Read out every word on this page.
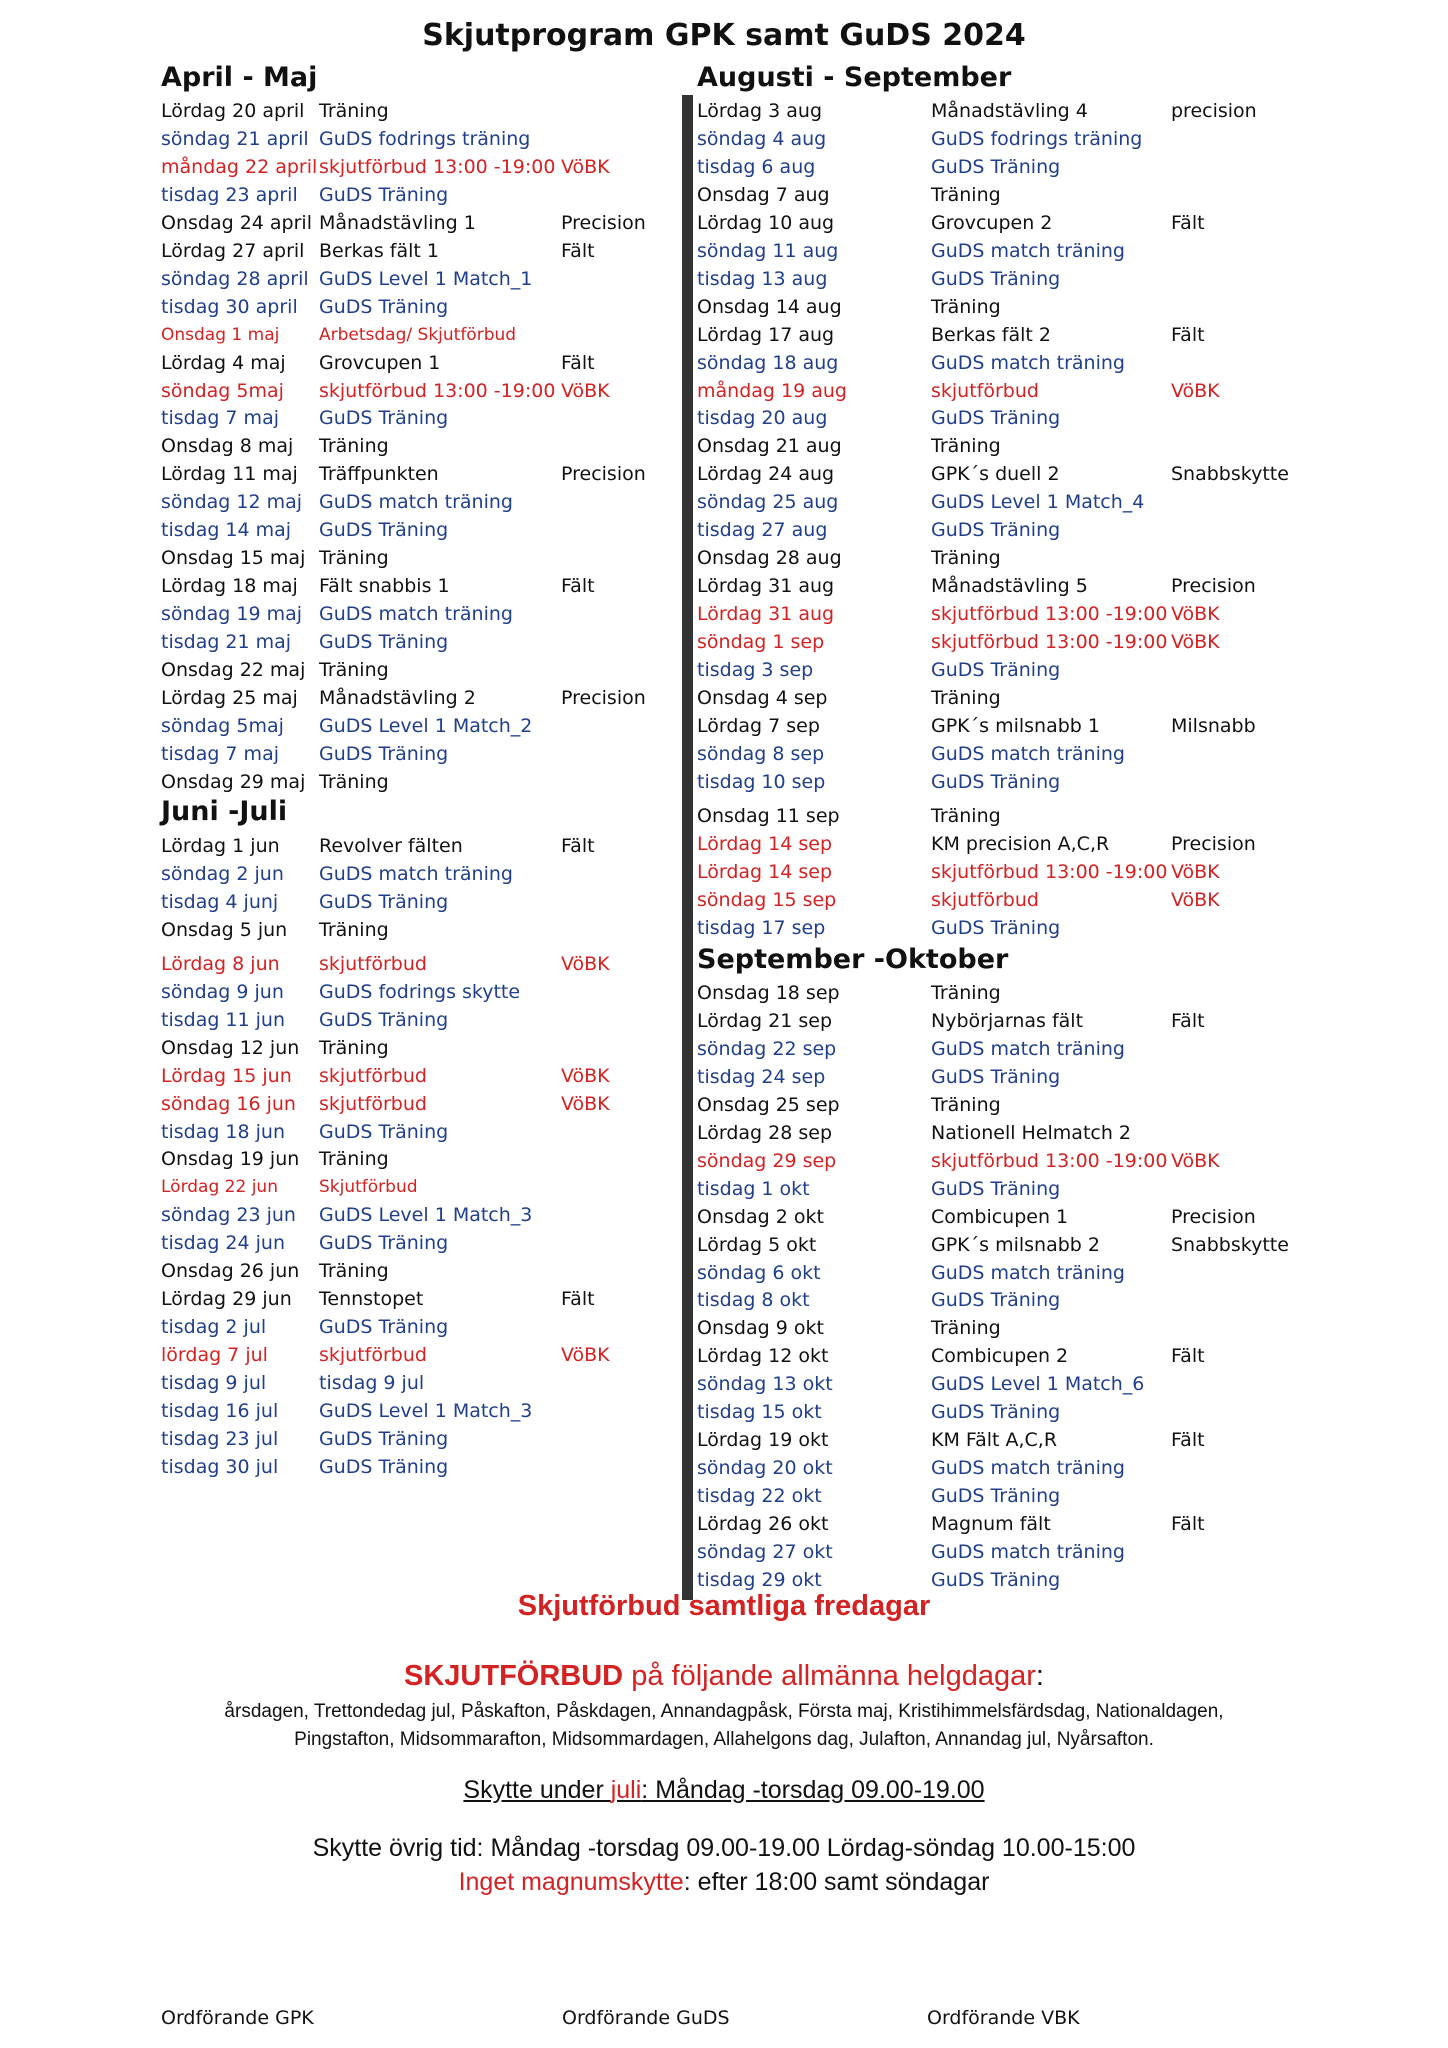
Skjutprogram GPK samt GuDS 2024
April - Maj
Lördag 20 april Träning
söndag 21 april GuDS fodrings träning
måndag 22 april skjutförbud 13:00 -19:00 VöBK
tisdag 23 april GuDS Träning
Onsdag 24 april Månadstävling 1	Precision
Lördag 27 april Berkas fält 1	Fält
söndag 28 april GuDS Level 1 Match_1
tisdag 30 april GuDS Träning
Onsdag 1 maj Arbetsdag/ Skjutförbud
Lördag 4 maj Grovcupen 1	Fält
söndag 5maj skjutförbud 13:00 -19:00 VöBK
tisdag 7 maj GuDS Träning
Onsdag 8 maj Träning
Lördag 11 maj Träffpunkten	Precision
söndag 12 maj GuDS match träning
tisdag 14 maj GuDS Träning
Onsdag 15 maj Träning
Lördag 18 maj Fält snabbis 1	Fält
söndag 19 maj GuDS match träning
tisdag 21 maj GuDS Träning
Onsdag 22 maj Träning
Lördag 25 maj Månadstävling 2	Precision
söndag 5maj GuDS Level 1 Match_2
tisdag 7 maj GuDS Träning
Onsdag 29 maj Träning
Juni -Juli
Lördag 1 jun Revolver fälten	Fält
söndag 2 jun GuDS match träning
tisdag 4 junj GuDS Träning
Onsdag 5 jun Träning
Lördag 8 jun skjutförbud	VöBK
söndag 9 jun GuDS fodrings skytte
tisdag 11 jun GuDS Träning
Onsdag 12 jun Träning
Lördag 15 jun skjutförbud	VöBK
söndag 16 jun skjutförbud	VöBK
tisdag 18 jun GuDS Träning
Onsdag 19 jun Träning
Lördag 22 jun Skjutförbud
söndag 23 jun GuDS Level 1 Match_3
tisdag 24 jun GuDS Träning
Onsdag 26 jun Träning
Lördag 29 jun Tennstopet	Fält
tisdag 2 jul	GuDS Träning
lördag 7 jul	skjutförbud	VöBK
tisdag 9 jul	tisdag 9 jul
tisdag 16 jul GuDS Level 1 Match_3
tisdag 23 jul GuDS Träning
tisdag 30 jul GuDS Träning
Augusti - September
Lördag 3 aug	Månadstävling 4	precision
söndag 4 aug	GuDS fodrings träning
tisdag 6 aug	GuDS Träning
Onsdag 7 aug	Träning
Lördag 10 aug	Grovcupen 2	Fält
söndag 11 aug	GuDS match träning
tisdag 13 aug	GuDS Träning
Onsdag 14 aug	Träning
Lördag 17 aug	Berkas fält 2	Fält
söndag 18 aug	GuDS match träning
måndag 19 aug	skjutförbud	VöBK
tisdag 20 aug	GuDS Träning
Onsdag 21 aug	Träning
Lördag 24 aug	GPK´s duell 2	Snabbskytte
söndag 25 aug	GuDS Level 1 Match_4
tisdag 27 aug	GuDS Träning
Onsdag 28 aug	Träning
Lördag 31 aug	Månadstävling 5	Precision
Lördag 31 aug	skjutförbud 13:00 -19:00 VöBK
söndag 1 sep	skjutförbud 13:00 -19:00 VöBK
tisdag 3 sep	GuDS Träning
Onsdag 4 sep	Träning
Lördag 7 sep	GPK´s milsnabb 1	Milsnabb
söndag 8 sep	GuDS match träning
tisdag 10 sep	GuDS Träning
Onsdag 11 sep	Träning
Lördag 14 sep	KM precision A,C,R	Precision
Lördag 14 sep	skjutförbud 13:00 -19:00 VöBK
söndag 15 sep	skjutförbud	VöBK
tisdag 17 sep	GuDS Träning
September -Oktober
Onsdag 18 sep	Träning
Lördag 21 sep	Nybörjarnas fält	Fält
söndag 22 sep	GuDS match träning
tisdag 24 sep	GuDS Träning
Onsdag 25 sep	Träning
Lördag 28 sep	Nationell Helmatch 2
söndag 29 sep	skjutförbud 13:00 -19:00 VöBK
tisdag 1 okt	GuDS Träning
Onsdag 2 okt	Combicupen 1	Precision
Lördag 5 okt	GPK´s milsnabb 2	Snabbskytte
söndag 6 okt	GuDS match träning
tisdag 8 okt	GuDS Träning
Onsdag 9 okt	Träning
Lördag 12 okt	Combicupen 2	Fält
söndag 13 okt	GuDS Level 1 Match_6
tisdag 15 okt	GuDS Träning
Lördag 19 okt	KM Fält A,C,R	Fält
söndag 20 okt	GuDS match träning
tisdag 22 okt	GuDS Träning
Lördag 26 okt	Magnum fält	Fält
söndag 27 okt	GuDS match träning
tisdag 29 okt	GuDS Träning
Skjutförbud samtliga fredagar
SKJUTFÖRBUD på följande allmänna helgdagar:
årsdagen, Trettondedag jul, Påskafton, Påskdagen, Annandagpåsk, Första maj, Kristihimmelsfärdsdag, Nationaldagen,
Pingstafton, Midsommarafton, Midsommardagen, Allahelgons dag, Julafton, Annandag jul, Nyårsafton.
Skytte under juli: Måndag -torsdag 09.00-19.00
Skytte övrig tid: Måndag -torsdag 09.00-19.00 Lördag-söndag 10.00-15:00
Inget magnumskytte: efter 18:00 samt söndagar
Ordförande GPK	Ordförande GuDS	Ordförande VBK
